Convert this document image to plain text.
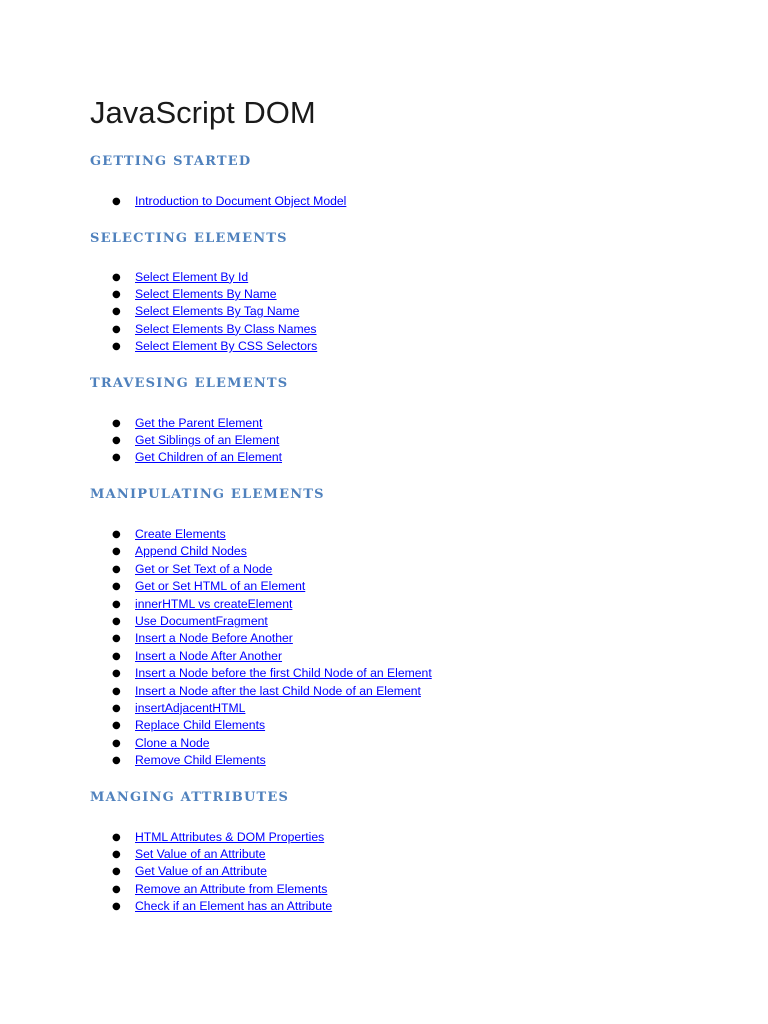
JavaScript DOM
GETTING STARTED
● Introduction to Document Object Model
SELECTING ELEMENTS
● Select Element By Id
● Select Elements By Name
● Select Elements By Tag Name
● Select Elements By Class Names
● Select Element By CSS Selectors
TRAVESING ELEMENTS
● Get the Parent Element
● Get Siblings of an Element
● Get Children of an Element
MANIPULATING ELEMENTS
● Create Elements
● Append Child Nodes
● Get or Set Text of a Node
● Get or Set HTML of an Element
● innerHTML vs createElement
● Use DocumentFragment
● Insert a Node Before Another
● Insert a Node After Another
● Insert a Node before the first Child Node of an Element
● Insert a Node after the last Child Node of an Element
● insertAdjacentHTML
● Replace Child Elements
● Clone a Node
● Remove Child Elements
MANGING ATTRIBUTES
● HTML Attributes & DOM Properties
● Set Value of an Attribute
● Get Value of an Attribute
● Remove an Attribute from Elements
● Check if an Element has an Attribute
